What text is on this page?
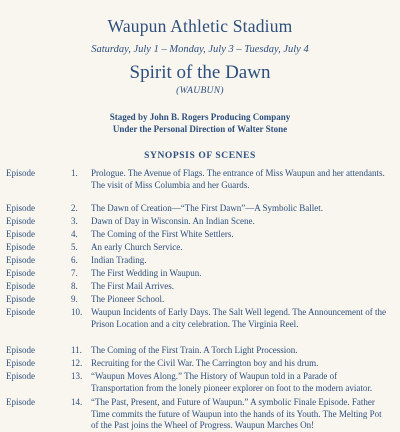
Waupun Athletic Stadium
Saturday, July 1 – Monday, July 3 – Tuesday, July 4
Spirit of the Dawn
(WAUBUN)
Staged by John B. Rogers Producing Company
Under the Personal Direction of Walter Stone
SYNOPSIS OF SCENES
Episode	1. Prologue. The Avenue of Flags. The entrance of Miss Waupun and her attendants. The visit of Miss Columbia and her Guards.
Episode	2. The Dawn of Creation—“The First Dawn”—A Symbolic Ballet.
Episode	3. Dawn of Day in Wisconsin. An Indian Scene.
Episode	4. The Coming of the First White Settlers.
Episode	5. An early Church Service.
Episode	6. Indian Trading.
Episode	7. The First Wedding in Waupun.
Episode	8. The First Mail Arrives.
Episode	9. The Pioneer School.
Episode	10. Waupun Incidents of Early Days. The Salt Well legend. The Announcement of the Prison Location and a city celebration. The Virginia Reel.
Episode	11. The Coming of the First Train. A Torch Light Procession.
Episode	12. Recruiting for the Civil War. The Carrington boy and his drum.
Episode	13. “Waupun Moves Along.” The History of Waupun told in a Parade of Transportation from the lonely pioneer explorer on foot to the modern aviator.
Episode	14. “The Past, Present, and Future of Waupun.” A symbolic Finale Episode. Father Time commits the future of Waupun into the hands of its Youth. The Melting Pot of the Past joins the Wheel of Progress. Waupun Marches On!
